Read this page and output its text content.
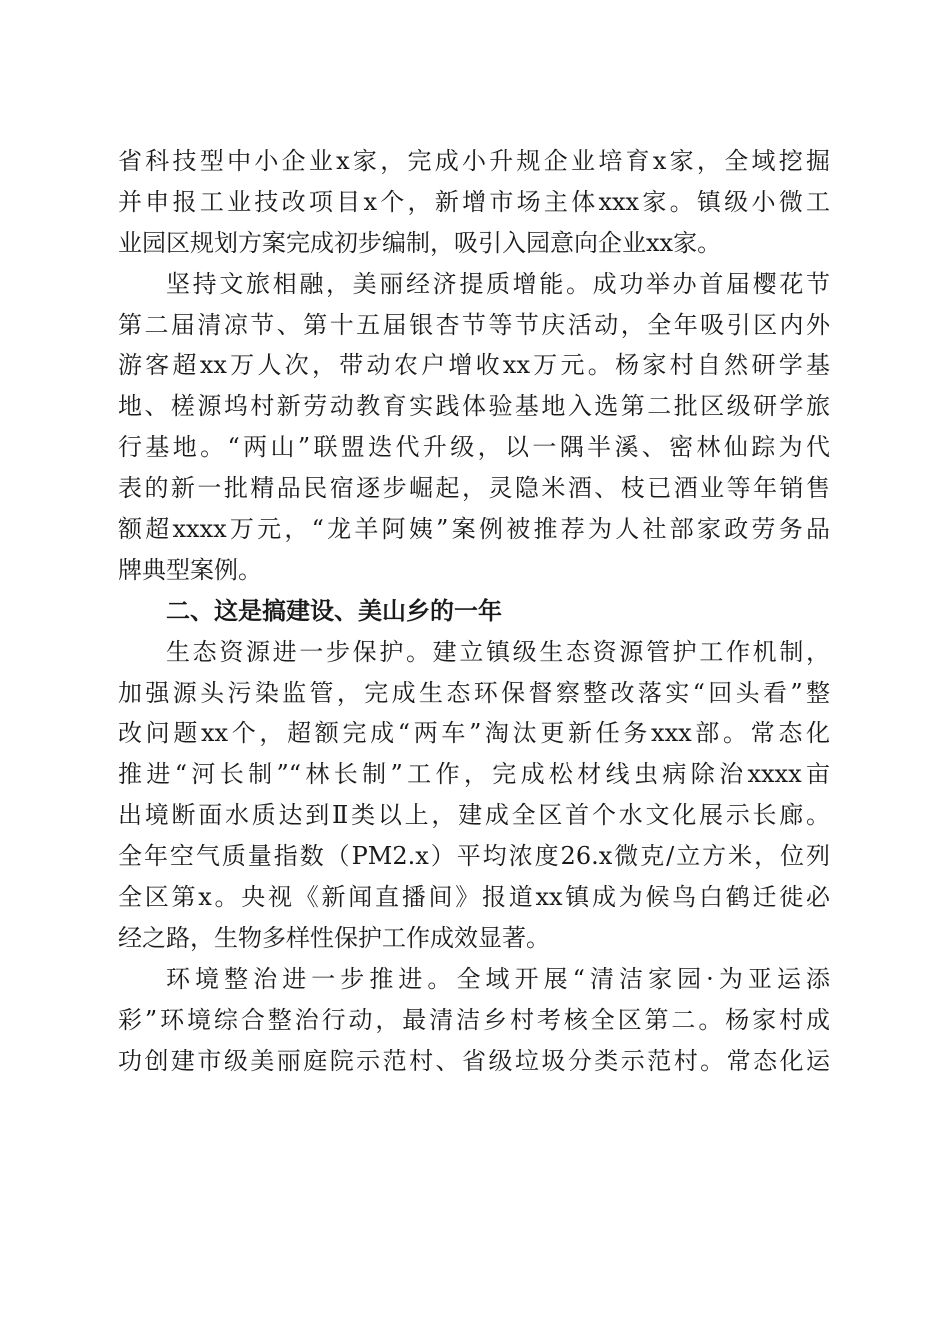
省科技型中小企业x家，完成小升规企业培育x家，全域挖掘
并申报工业技改项目x个，新增市场主体xxx家。镇级小微工
业园区规划方案完成初步编制，吸引入园意向企业xx家。
坚持文旅相融，美丽经济提质增能。成功举办首届樱花节
第二届清凉节、第十五届银杏节等节庆活动，全年吸引区内外
游客超xx万人次，带动农户增收xx万元。杨家村自然研学基
地、槎源坞村新劳动教育实践体验基地入选第二批区级研学旅
行基地。“两山”联盟迭代升级，以一隅半溪、密林仙踪为代
表的新一批精品民宿逐步崛起，灵隐米酒、枝已酒业等年销售
额超xxxx万元，“龙羊阿姨”案例被推荐为人社部家政劳务品
牌典型案例。
二、这是搞建设、美山乡的一年
生态资源进一步保护。建立镇级生态资源管护工作机制，
加强源头污染监管，完成生态环保督察整改落实“回头看”整
改问题xx个，超额完成“两车”淘汰更新任务xxx部。常态化
推进“河长制”“林长制”工作，完成松材线虫病除治xxxx亩
出境断面水质达到Ⅱ类以上，建成全区首个水文化展示长廊。
全年空气质量指数（PM2.x）平均浓度26.x微克/立方米，位列
全区第x。央视《新闻直播间》报道xx镇成为候鸟白鹤迁徙必
经之路，生物多样性保护工作成效显著。
环境整治进一步推进。全域开展“清洁家园·为亚运添
彩”环境综合整治行动，最清洁乡村考核全区第二。杨家村成
功创建市级美丽庭院示范村、省级垃圾分类示范村。常态化运
